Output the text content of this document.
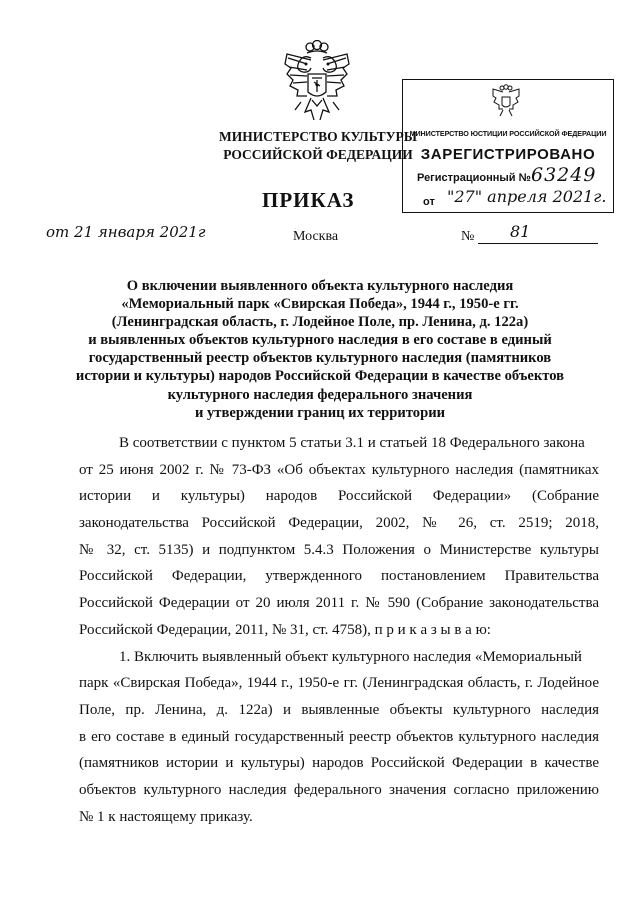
МИНИСТЕРСТВО КУЛЬТУРЫ
РОССИЙСКОЙ ФЕДЕРАЦИИ
ПРИКАЗ
от 21 января 2021г	Москва	№ 81
МИНИСТЕРСТВО ЮСТИЦИИ РОССИЙСКОЙ ФЕДЕРАЦИИ
ЗАРЕГИСТРИРОВАНО
Регистрационный № 63249
от "27" апреля 2021г.
О включении выявленного объекта культурного наследия
«Мемориальный парк «Свирская Победа», 1944 г., 1950-е гг.
(Ленинградская область, г. Лодейное Поле, пр. Ленина, д. 122а)
и выявленных объектов культурного наследия в его составе в единый
государственный реестр объектов культурного наследия (памятников
истории и культуры) народов Российской Федерации в качестве объектов
культурного наследия федерального значения
и утверждении границ их территории
В соответствии с пунктом 5 статьи 3.1 и статьей 18 Федерального закона
от 25 июня 2002 г. № 73-ФЗ «Об объектах культурного наследия (памятниках
истории и культуры) народов Российской Федерации» (Собрание
законодательства Российской Федерации, 2002, № 26, ст. 2519; 2018,
№ 32, ст. 5135) и подпунктом 5.4.3 Положения о Министерстве культуры
Российской Федерации, утвержденного постановлением Правительства
Российской Федерации от 20 июля 2011 г. № 590 (Собрание законодательства
Российской Федерации, 2011, № 31, ст. 4758), п р и к а з ы в а ю:
1. Включить выявленный объект культурного наследия «Мемориальный
парк «Свирская Победа», 1944 г., 1950-е гг. (Ленинградская область, г. Лодейное
Поле, пр. Ленина, д. 122а) и выявленные объекты культурного наследия
в его составе в единый государственный реестр объектов культурного наследия
(памятников истории и культуры) народов Российской Федерации в качестве
объектов культурного наследия федерального значения согласно приложению
№ 1 к настоящему приказу.
